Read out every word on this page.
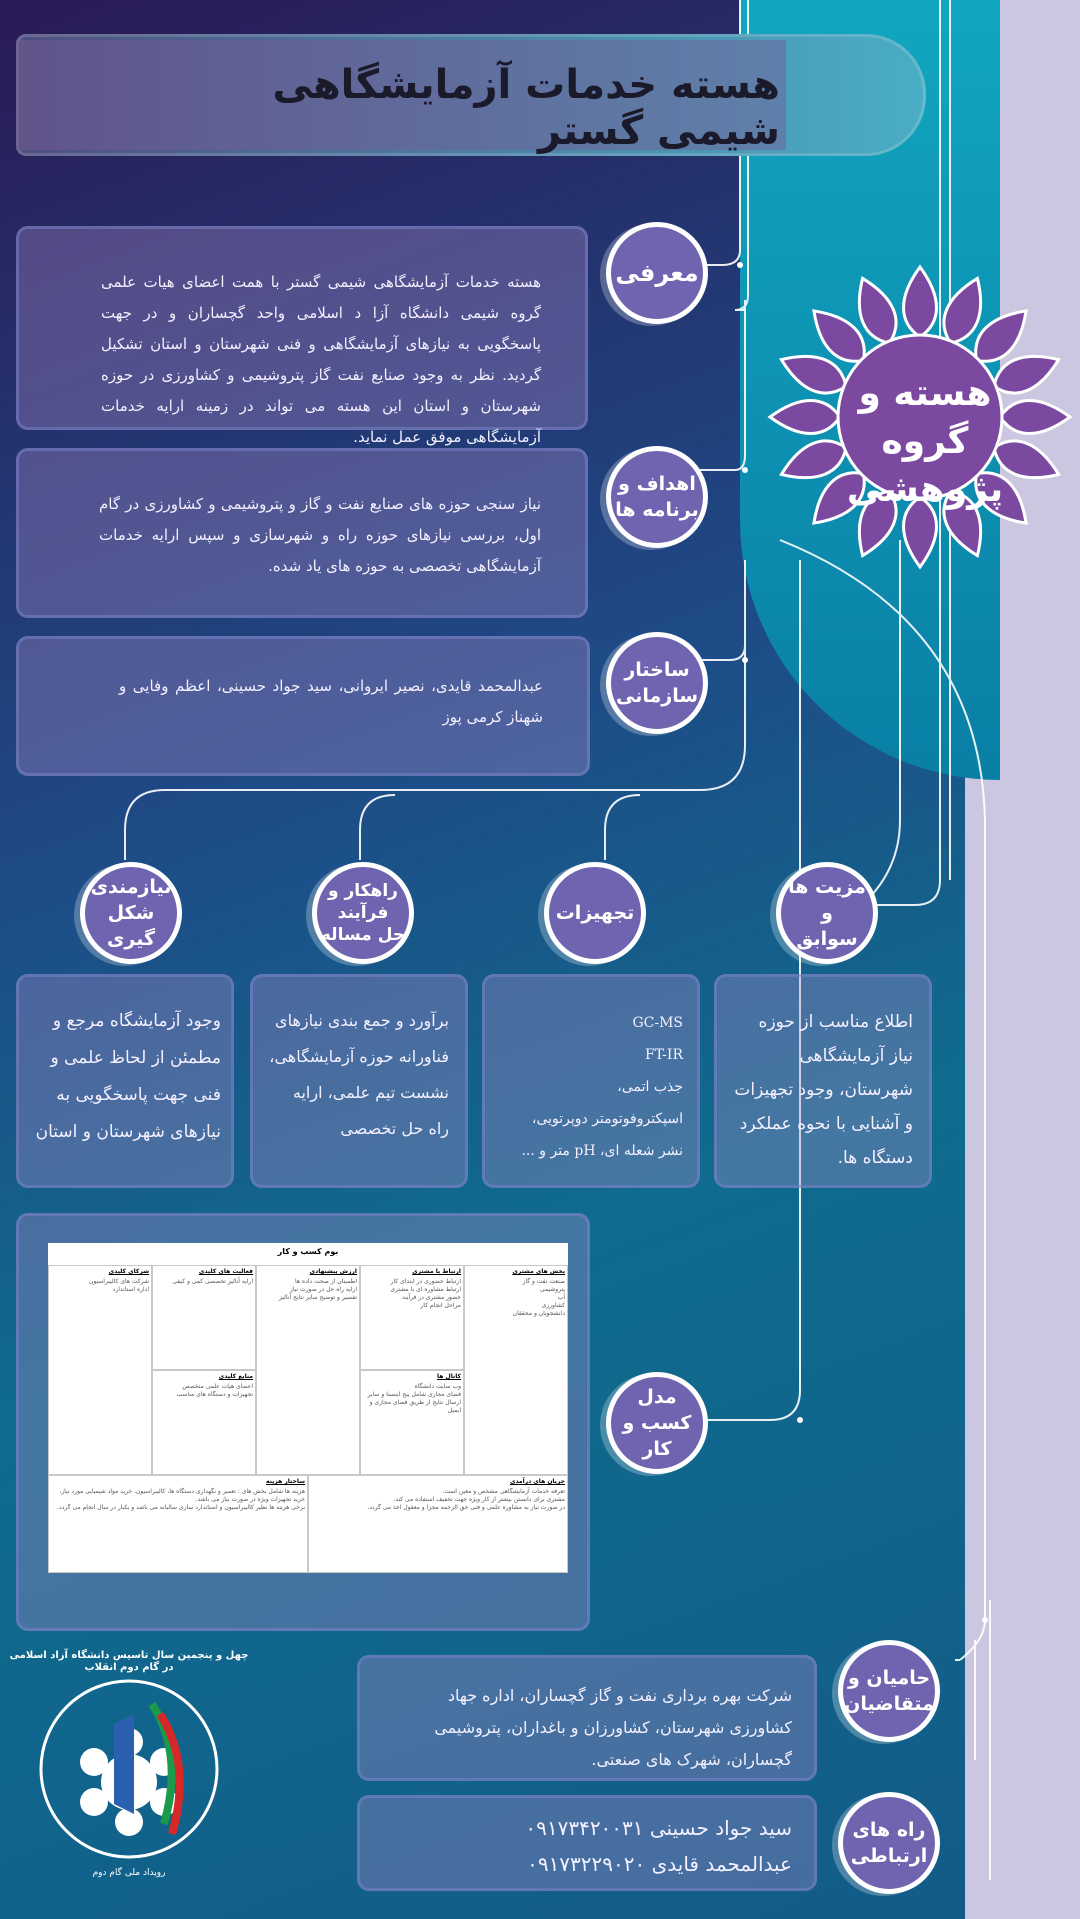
هسته خدمات آزمایشگاهی شیمی گستر
هسته و گروه
پژوهشی

هسته خدمات آزمایشگاهی شیمی گستر با همت اعضای هیات علمی گروه شیمی دانشگاه آزا د اسلامی واحد گچساران و در جهت پاسخگویی به نیازهای آزمایشگاهی و فنی شهرستان و استان تشکیل گردید. نظر به وجود صنایع نفت گاز پتروشیمی و کشاورزی در حوزه شهرستان و استان این هسته می تواند در زمینه ارایه خدمات آزمایشگاهی موفق عمل نماید.

معرفی

نیاز سنجی حوزه های صنایع نفت و گاز و پتروشیمی و کشاورزی در گام اول، بررسی نیازهای حوزه راه و شهرسازی و سپس ارایه خدمات آزمایشگاهی تخصصی به حوزه های یاد شده.

اهداف و
برنامه ها

عبدالمحمد قایدی، نصیر ایروانی، سید جواد حسینی، اعظم وفایی و شهناز کرمی پوز

ساختار
سازمانی
مزیت ها و
سوابق
تجهیزات
راهکار و
فرآیند
حل مساله
نیازمندی
شکل گیری

اطلاع مناسب از حوزه نیاز آزمایشگاهی شهرستان، وجود تجهیزات و آشنایی با نحوه عملکرد دستگاه ها.

GC-MS
FT-IR
جذب اتمی،
اسپکتروفوتومتر دوپرتویی،
نشر شعله ای، pH متر و ...

برآورد و جمع بندی نیازهای فناورانه حوزه آزمایشگاهی، نشست تیم علمی، ارایه راه حل تخصصی

وجود آزمایشگاه مرجع و مطمئن از لحاظ علمی و فنی جهت پاسخگویی به نیازهای شهرستان و استان

بوم کسب و کار
بخش های مشتری
صنعت نفت و گاز
پتروشیمی
آب
کشاورزی
دانشجویان و محققان
ارتباط با مشتری
ارتباط حضوری در ابتدای کار
ارتباط مشاوره ای با مشتری
حضور مشتری در فرآیند
مراحل انجام کار
کانال ها
وب سایت دانشگاه
فضای مجازی شامل پیج اینستا و سایر
ارسال نتایج از طریق فضای مجازی و ایمیل
ارزش پیشنهادی
اطمینان از صحت داده ها
ارایه راه حل در صورت نیاز
تفسیر و توضیح سایر نتایج آنالیز
فعالیت های کلیدی
ارایه آنالیز تخصصی کمی و کیفی
منابع کلیدی
اعضای هیات علمی متخصص
تجهیزات و دستگاه های مناسب
شرکای کلیدی
شرکت های کالیبراسیون
اداره استاندارد
جریان های درآمدی
تعرفه خدمات آزمایشگاهی مشخص و معین است.
مشتری برای دانستن بیشتر از کار ویژه جهت تخفیف استفاده می کند.
در صورت نیاز به مشاوره علمی و فنی حق الزحمه مجزا و معقول اخذ می گردد.
ساختار هزینه
هزینه ها شامل بخش های : تعمیر و نگهداری دستگاه ها، کالیبراسیون، خرید مواد شیمیایی مورد نیاز، خرید تجهیزات ویژه در صورت نیاز می باشد.
برخی هزینه ها نظیر کالیبراسیون و استاندارد سازی سالیانه می باشد و یکبار در سال انجام می گردد.
مدل
کسب و کار

شرکت بهره برداری نفت و گاز گچساران، اداره جهاد کشاورزی شهرستان، کشاورزان و باغداران، پتروشیمی گچساران، شهرک های صنعتی.

حامیان و
متقاضیان
سید جواد حسینی ۰۹۱۷۳۴۲۰۰۳۱
عبدالمحمد قایدی ۰۹۱۷۳۲۲۹۰۲۰
راه های
ارتباطی
چهل و پنجمین سال تاسیس دانشگاه آزاد اسلامی در گام دوم انقلاب
رویداد ملی گام دوم
